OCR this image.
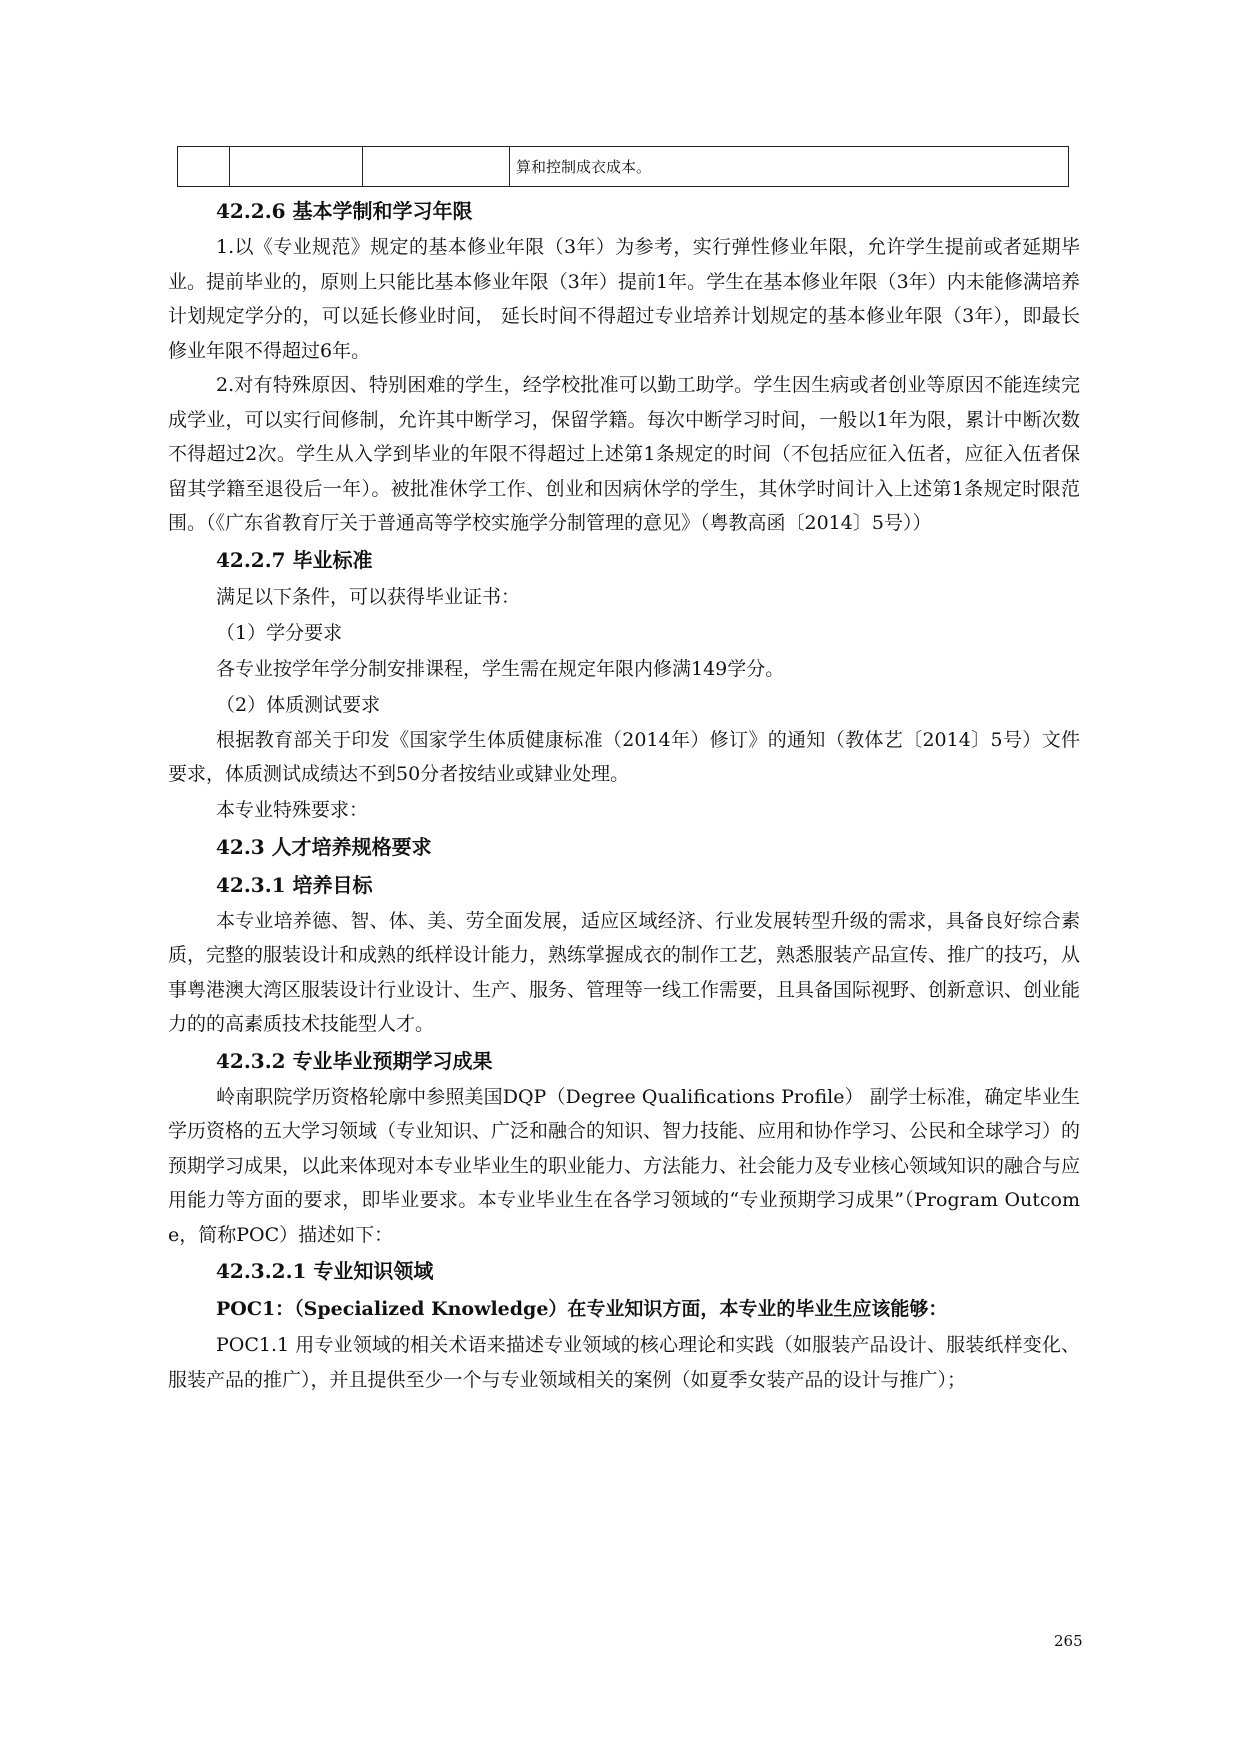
			算和控制成衣成本。

42.2.6 基本学制和学习年限

1.以《专业规范》规定的基本修业年限（3年）为参考，实行弹性修业年限，允许学生提前或者延期毕业。提前毕业的，原则上只能比基本修业年限（3年）提前1年。学生在基本修业年限（3年）内未能修满培养计划规定学分的，可以延长修业时间， 延长时间不得超过专业培养计划规定的基本修业年限（3年），即最长修业年限不得超过6年。

2.对有特殊原因、特别困难的学生，经学校批准可以勤工助学。学生因生病或者创业等原因不能连续完成学业，可以实行间修制，允许其中断学习，保留学籍。每次中断学习时间，一般以1年为限，累计中断次数不得超过2次。学生从入学到毕业的年限不得超过上述第1条规定的时间（不包括应征入伍者，应征入伍者保留其学籍至退役后一年）。被批准休学工作、创业和因病休学的学生，其休学时间计入上述第1条规定时限范围。（《广东省教育厅关于普通高等学校实施学分制管理的意见》（粤教高函〔2014〕5号））

42.2.7 毕业标准

满足以下条件，可以获得毕业证书：

（1）学分要求

各专业按学年学分制安排课程，学生需在规定年限内修满149学分。

（2）体质测试要求

根据教育部关于印发《国家学生体质健康标准（2014年）修订》的通知（教体艺〔2014〕5号）文件要求，体质测试成绩达不到50分者按结业或肄业处理。

本专业特殊要求：

42.3 人才培养规格要求

42.3.1 培养目标

本专业培养德、智、体、美、劳全面发展，适应区域经济、行业发展转型升级的需求，具备良好综合素质，完整的服装设计和成熟的纸样设计能力，熟练掌握成衣的制作工艺，熟悉服装产品宣传、推广的技巧，从事粤港澳大湾区服装设计行业设计、生产、服务、管理等一线工作需要，且具备国际视野、创新意识、创业能力的的高素质技术技能型人才。

42.3.2 专业毕业预期学习成果

岭南职院学历资格轮廓中参照美国DQP（Degree Qualifications Profile） 副学士标准，确定毕业生学历资格的五大学习领域（专业知识、广泛和融合的知识、智力技能、应用和协作学习、公民和全球学习）的预期学习成果，以此来体现对本专业毕业生的职业能力、方法能力、社会能力及专业核心领域知识的融合与应用能力等方面的要求，即毕业要求。本专业毕业生在各学习领域的“专业预期学习成果”（Program Outcome，简称POC）描述如下：

42.3.2.1 专业知识领域

POC1：（Specialized Knowledge）在专业知识方面，本专业的毕业生应该能够：

POC1.1 用专业领域的相关术语来描述专业领域的核心理论和实践（如服装产品设计、服装纸样变化、服装产品的推广），并且提供至少一个与专业领域相关的案例（如夏季女装产品的设计与推广）；

265
